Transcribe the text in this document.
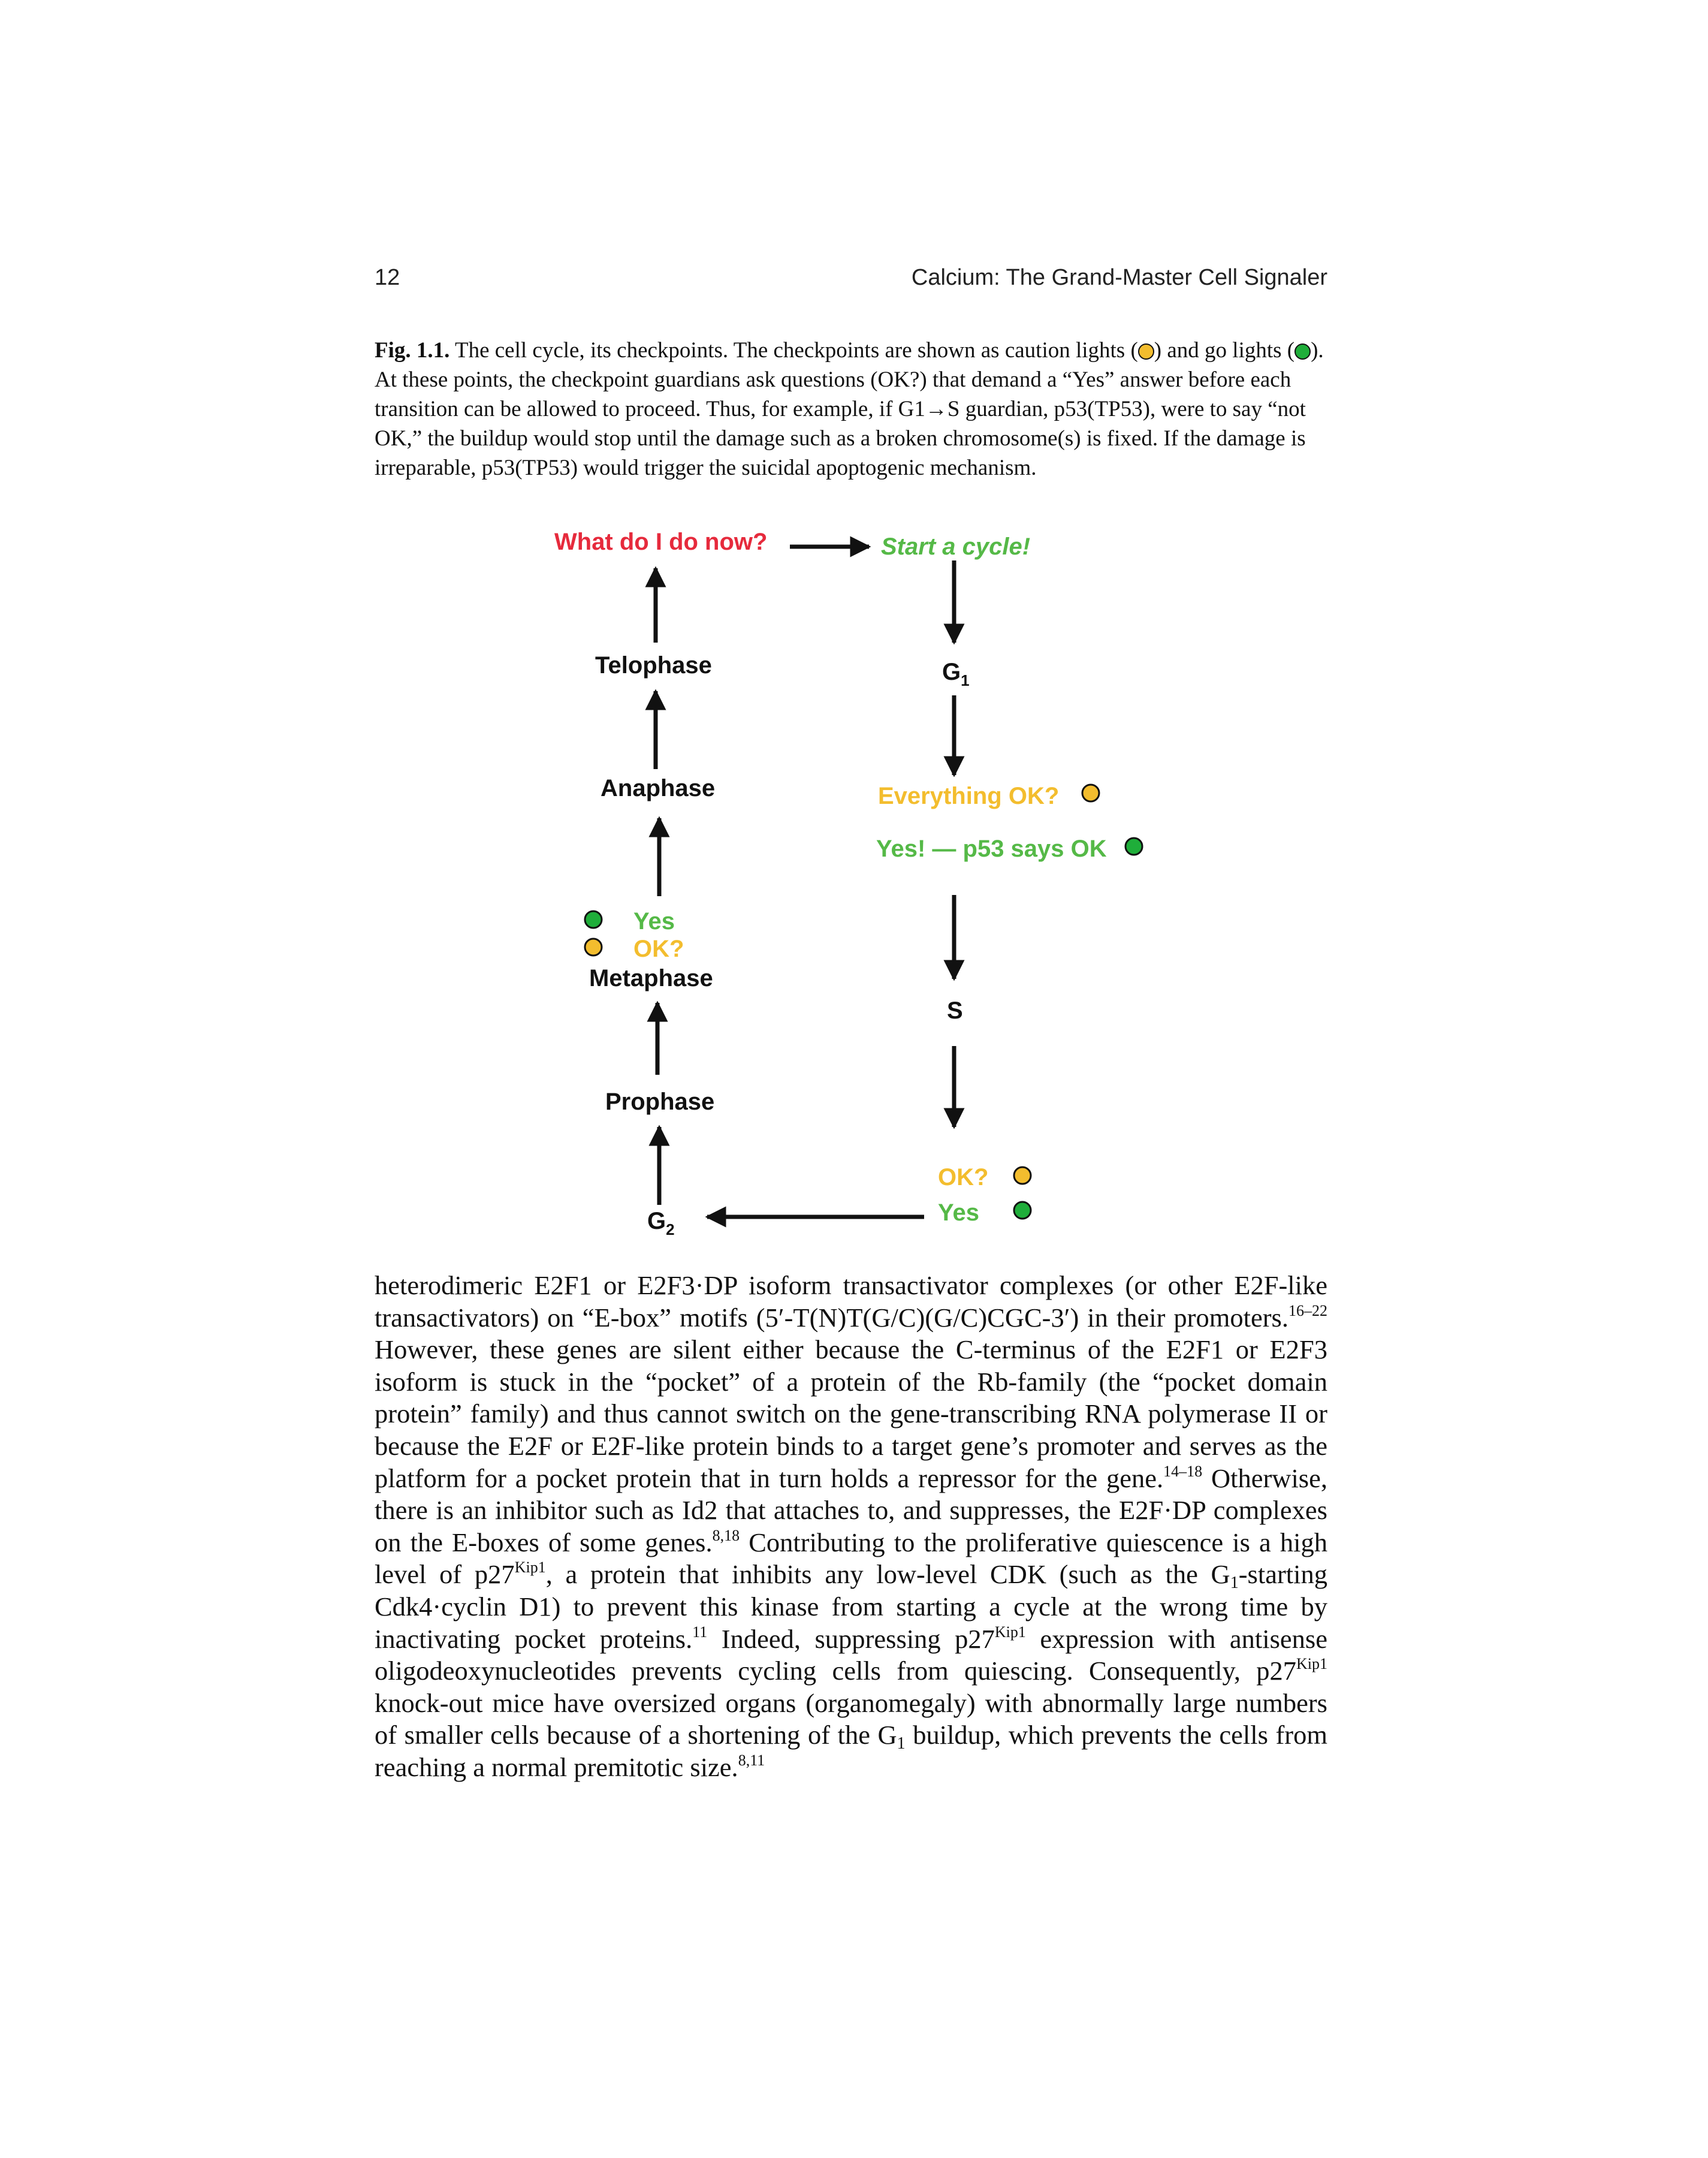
12	Calcium: The Grand-Master Cell Signaler
Fig. 1.1. The cell cycle, its checkpoints. The checkpoints are shown as caution lights ( ) and go lights ( ). At these points, the checkpoint guardians ask questions (OK?) that demand a “Yes” answer before each transition can be allowed to proceed. Thus, for example, if G1→S guardian, p53(TP53), were to say “not OK,” the buildup would stop until the damage such as a broken chromosome(s) is fixed. If the damage is irreparable, p53(TP53) would trigger the suicidal apoptogenic mechanism.
What do I do now?	Start a cycle!
$G_1$
Everything OK?
Yes! — p53 says OK
S
OK?
Yes
$G_2$
Prophase
Metaphase
Yes
OK?
Anaphase
Telophase
heterodimeric E2F1 or E2F3·DP isoform transactivator complexes (or other E2F-like transactivators) on “E-box” motifs (5′-T(N)T(G/C)(G/C)CGC-3′) in their promoters.$^{16-22}$ However, these genes are silent either because the C-terminus of the E2F1 or E2F3 isoform is stuck in the “pocket” of a protein of the Rb-family (the “pocket domain protein” family) and thus cannot switch on the gene-transcribing RNA polymerase II or because the E2F or E2F-like protein binds to a target gene’s promoter and serves as the platform for a pocket protein that in turn holds a repressor for the gene.$^{14-18}$ Otherwise, there is an inhibitor such as Id2 that attaches to, and suppresses, the E2F·DP complexes on the E-boxes of some genes.$^{8,18}$ Contributing to the proliferative quiescence is a high level of $p27^{Kip1}$, a protein that inhibits any low-level CDK (such as the $G_1$-starting Cdk4·cyclin D1) to prevent this kinase from starting a cycle at the wrong time by inactivating pocket proteins.$^{11}$ Indeed, suppressing $p27^{Kip1}$ expression with antisense oligodeoxynucleotides prevents cycling cells from quiescing. Consequently, $p27^{Kip1}$ knock-out mice have oversized organs (organomegaly) with abnormally large numbers of smaller cells because of a shortening of the $G_1$ buildup, which prevents the cells from reaching a normal premitotic size.$^{8,11}$
